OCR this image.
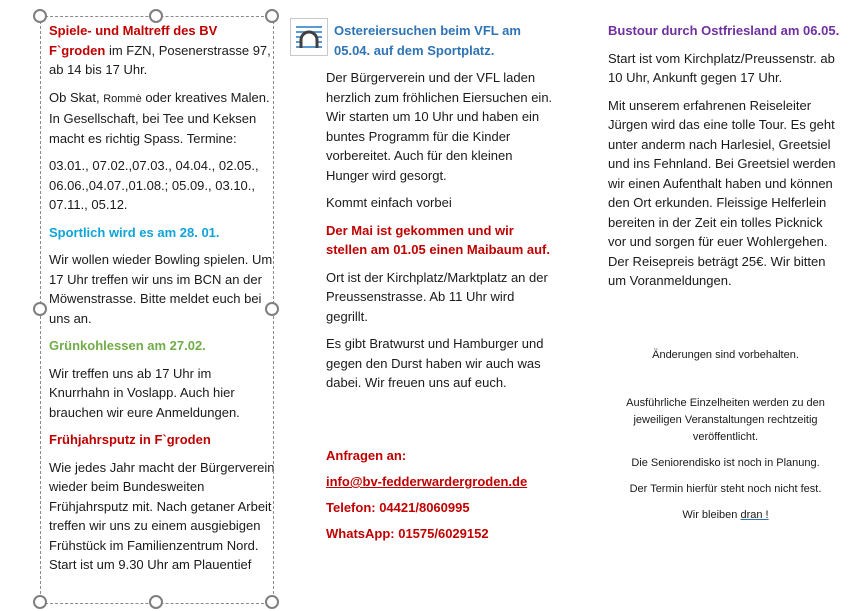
Spiele- und Maltreff des BV F`groden im FZN, Posenerstrasse 97, ab 14 bis 17 Uhr.

Ob Skat, Rommè oder kreatives Malen. In Gesellschaft, bei Tee und Keksen macht es richtig Spass. Termine:

03.01., 07.02.,07.03., 04.04., 02.05., 06.06.,04.07.,01.08.; 05.09., 03.10., 07.11., 05.12.

Sportlich wird es am 28. 01.

Wir wollen wieder Bowling spielen. Um 17 Uhr treffen wir uns im BCN an der Möwenstrasse. Bitte meldet euch bei uns an.

Grünkohlessen am 27.02.

Wir treffen uns ab 17 Uhr im Knurrhahn in Voslapp. Auch hier brauchen wir eure Anmeldungen.

Frühjahrsputz in F`groden

Wie jedes Jahr macht der Bürgerverein wieder beim Bundesweiten Frühjahrsputz mit. Nach getaner Arbeit treffen wir uns zu einem ausgiebigen Frühstück im Familienzentrum Nord. Start ist um 9.30 Uhr am Plauentief

Ostereiersuchen beim VFL am 05.04. auf dem Sportplatz.

Der Bürgerverein und der VFL laden herzlich zum fröhlichen Eiersuchen ein. Wir starten um 10 Uhr und haben ein buntes Programm für die Kinder vorbereitet. Auch für den kleinen Hunger wird gesorgt.

Kommt einfach vorbei

Der Mai ist gekommen und wir stellen am 01.05 einen Maibaum auf.

Ort ist der Kirchplatz/Marktplatz an der Preussenstrasse. Ab 11 Uhr wird gegrillt.

Es gibt Bratwurst und Hamburger und gegen den Durst haben wir auch was dabei. Wir freuen uns auf euch.

Anfragen an:

info@bv-fedderwardergroden.de

Telefon: 04421/8060995

WhatsApp: 01575/6029152

Bustour durch Ostfriesland am 06.05.

Start ist vom Kirchplatz/Preussenstr. ab 10 Uhr, Ankunft gegen 17 Uhr.

Mit unserem erfahrenen Reiseleiter Jürgen wird das eine tolle Tour. Es geht unter anderm nach Harlesiel, Greetsiel und ins Fehnland. Bei Greetsiel werden wir einen Aufenthalt haben und können den Ort erkunden. Fleissige Helferlein bereiten in der Zeit ein tolles Picknick vor und sorgen für euer Wohlergehen. Der Reisepreis beträgt 25€. Wir bitten um Voranmeldungen.

Änderungen sind vorbehalten.

Ausführliche Einzelheiten werden zu den jeweiligen Veranstaltungen rechtzeitig veröffentlicht.

Die Seniorendisko ist noch in Planung.

Der Termin hierfür steht noch nicht fest.

Wir bleiben dran !
